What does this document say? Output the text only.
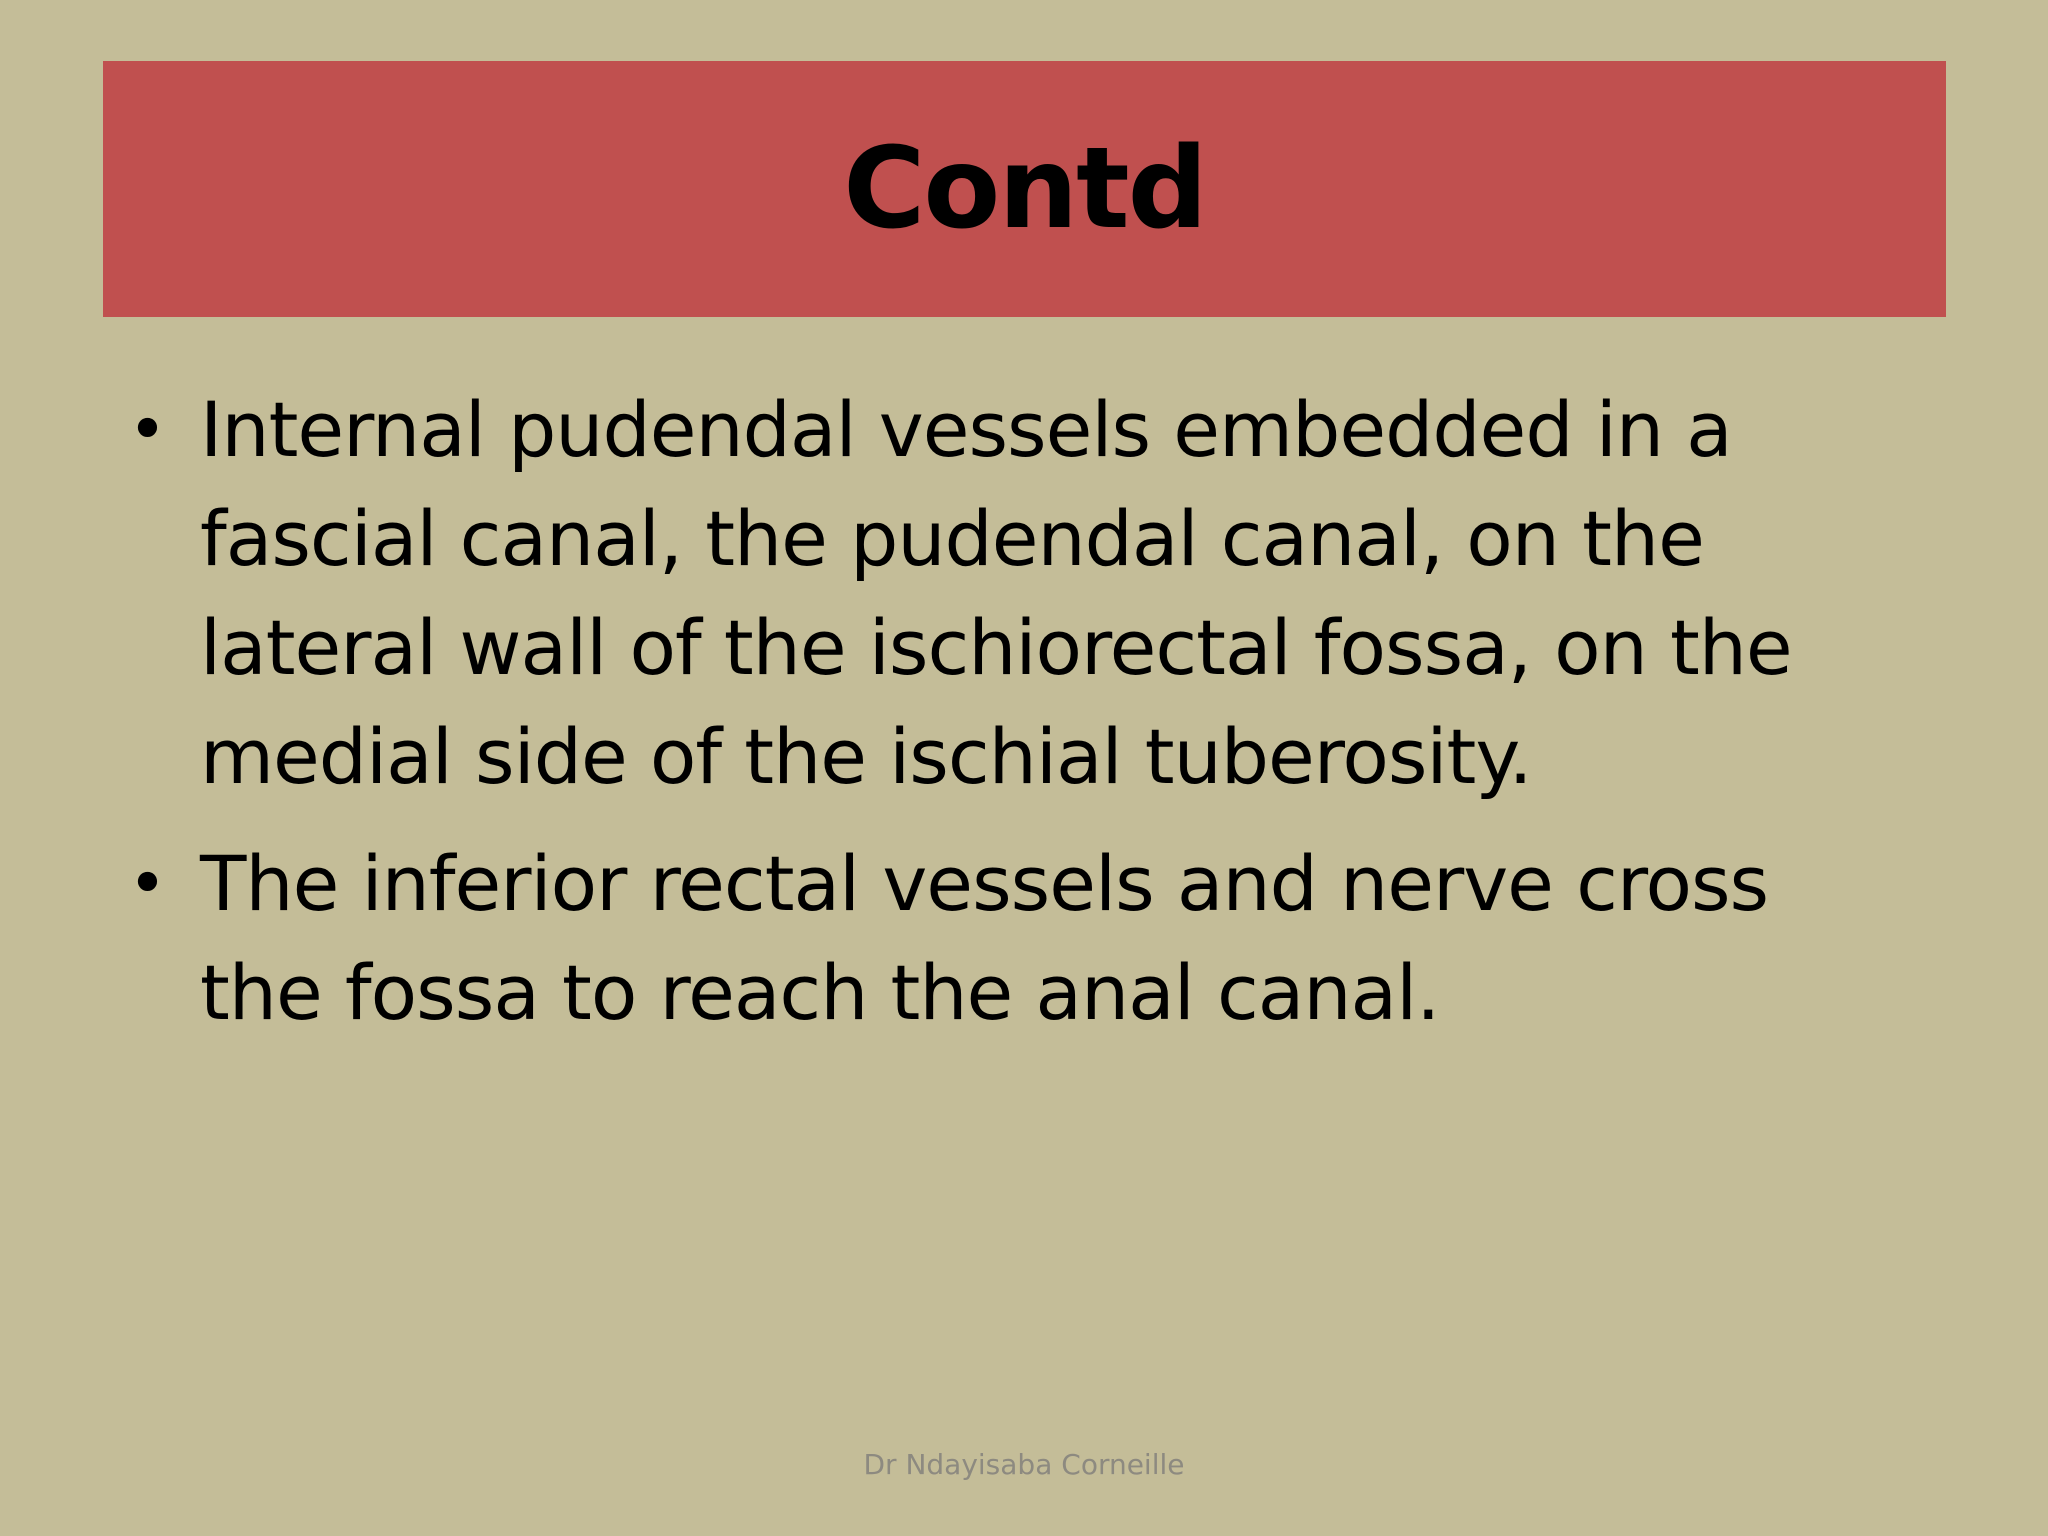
Contd
• Internal pudendal vessels embedded in a fascial canal, the pudendal canal, on the lateral wall of the ischiorectal fossa, on the medial side of the ischial tuberosity.
• The inferior rectal vessels and nerve cross the fossa to reach the anal canal.
Dr Ndayisaba Corneille
